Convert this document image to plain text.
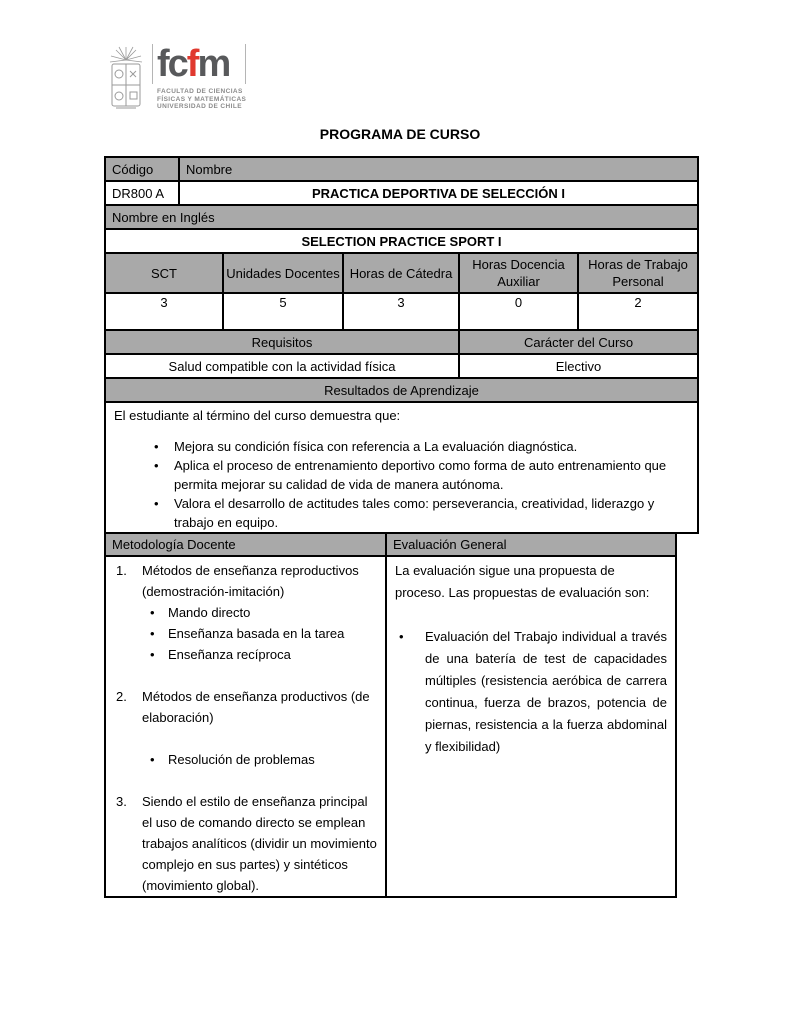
fcfm
FACULTAD DE CIENCIAS
FÍSICAS Y MATEMÁTICAS
UNIVERSIDAD DE CHILE
PROGRAMA DE CURSO
Código	Nombre				
DR800 A	PRACTICA DEPORTIVA DE SELECCIÓN I				
Nombre en Inglés					
SELECTION PRACTICE SPORT I					
SCT		Unidades Docentes	Horas de Cátedra	Horas Docencia Auxiliar	Horas de Trabajo Personal
3		5	3	0	2
Requisitos				Carácter del Curso	
Salud compatible con la actividad física				Electivo	
Resultados de Aprendizaje					

El estudiante al término del curso demuestra que:
•	Mejora su condición física con referencia a La evaluación diagnóstica.
•	Aplica el proceso de entrenamiento deportivo como forma de auto entrenamiento que permita mejorar su calidad de vida de manera autónoma.
•	Valora el desarrollo de actitudes tales como: perseverancia, creatividad, liderazgo y trabajo en equipo.
Metodología Docente	Evaluación General

1.	Métodos de enseñanza reproductivos (demostración-imitación)
•	Mando directo
•	Enseñanza basada en la tarea
•	Enseñanza recíproca
2.	Métodos de enseñanza productivos (de elaboración)
•	Resolución de problemas
3.	Siendo el estilo de enseñanza principal el uso de comando directo se emplean trabajos analíticos (dividir un movimiento complejo en sus partes) y sintéticos (movimiento global).

La evaluación sigue una propuesta de proceso. Las propuestas de evaluación son:
•	Evaluación del Trabajo individual a través de una batería de test de capacidades múltiples (resistencia aeróbica de carrera continua, fuerza de brazos, potencia de piernas, resistencia a la fuerza abdominal y flexibilidad)
